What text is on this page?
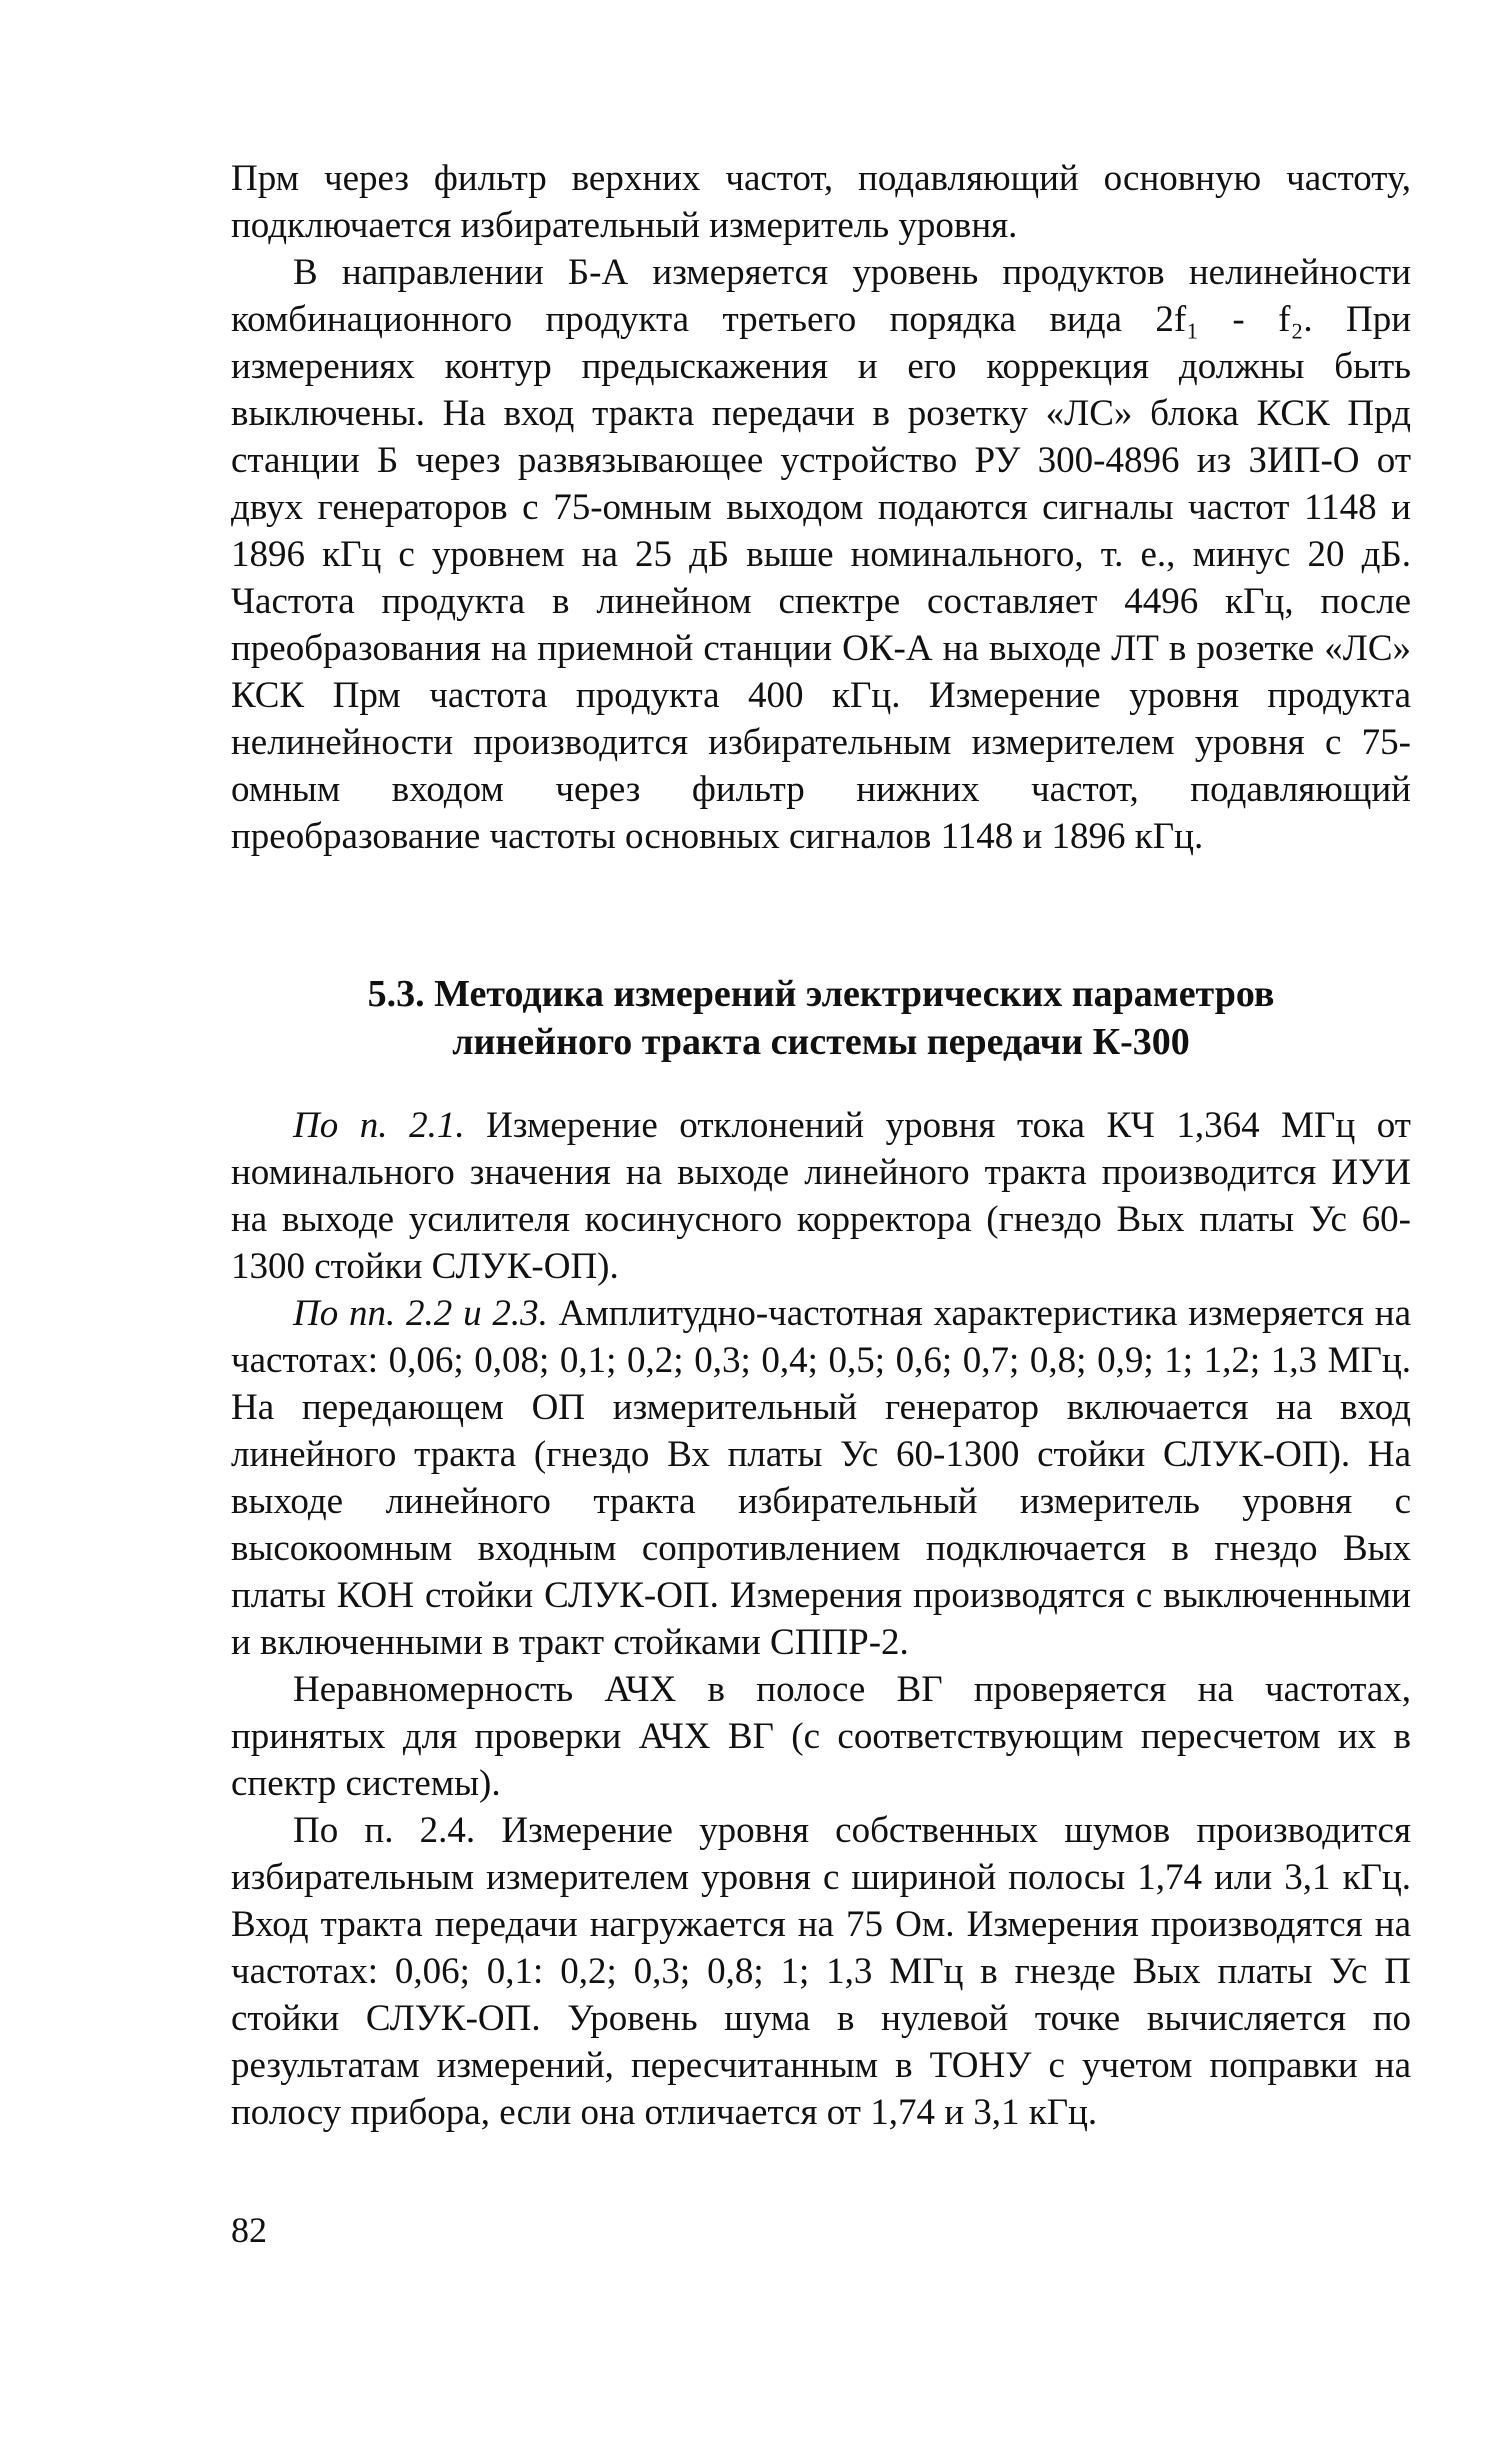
Прм через фильтр верхних частот, подавляющий основную частоту, подключается избирательный измеритель уровня.

В направлении Б-А измеряется уровень продуктов нелинейности комбинационного продукта третьего порядка вида 2f₁ - f₂. При измерениях контур предыскажения и его коррекция должны быть выключены. На вход тракта передачи в розетку «ЛС» блока КСК Прд станции Б через развязывающее устройство РУ 300-4896 из ЗИП-О от двух генераторов с 75-омным выходом подаются сигналы частот 1148 и 1896 кГц с уровнем на 25 дБ выше номинального, т. е., минус 20 дБ. Частота продукта в линейном спектре составляет 4496 кГц, после преобразования на приемной станции ОК-А на выходе ЛТ в розетке «ЛС» КСК Прм частота продукта 400 кГц. Измерение уровня продукта нелинейности производится избирательным измерителем уровня с 75-омным входом через фильтр нижних частот, подавляющий преобразование частоты основных сигналов 1148 и 1896 кГц.

5.3. Методика измерений электрических параметров
линейного тракта системы передачи К-300

По п. 2.1. Измерение отклонений уровня тока КЧ 1,364 МГц от номинального значения на выходе линейного тракта производится ИУИ на выходе усилителя косинусного корректора (гнездо Вых платы Ус 60-1300 стойки СЛУК-ОП).

По пп. 2.2 и 2.3. Амплитудно-частотная характеристика измеряется на частотах: 0,06; 0,08; 0,1; 0,2; 0,3; 0,4; 0,5; 0,6; 0,7; 0,8; 0,9; 1; 1,2; 1,3 МГц. На передающем ОП измерительный генератор включается на вход линейного тракта (гнездо Вх платы Ус 60-1300 стойки СЛУК-ОП). На выходе линейного тракта избирательный измеритель уровня с высокоомным входным сопротивлением подключается в гнездо Вых платы КОН стойки СЛУК-ОП. Измерения производятся с выключенными и включенными в тракт стойками СППР-2.

Неравномерность АЧХ в полосе ВГ проверяется на частотах, принятых для проверки АЧХ ВГ (с соответствующим пересчетом их в спектр системы).

По п. 2.4. Измерение уровня собственных шумов производится избирательным измерителем уровня с шириной полосы 1,74 или 3,1 кГц. Вход тракта передачи нагружается на 75 Ом. Измерения производятся на частотах: 0,06; 0,1: 0,2; 0,3; 0,8; 1; 1,3 МГц в гнезде Вых платы Ус П стойки СЛУК-ОП. Уровень шума в нулевой точке вычисляется по результатам измерений, пересчитанным в ТОНУ с учетом поправки на полосу прибора, если она отличается от 1,74 и 3,1 кГц.

82
